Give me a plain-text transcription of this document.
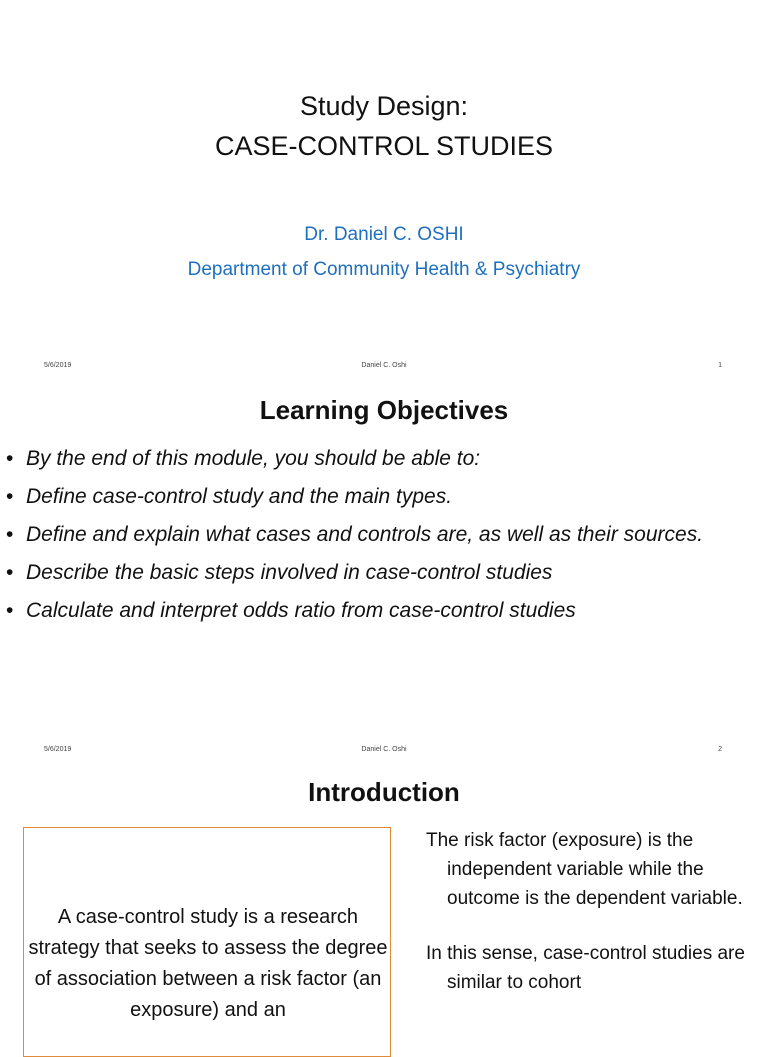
Study Design:
CASE-CONTROL STUDIES
Dr. Daniel C. OSHI
Department of Community Health & Psychiatry
5/6/2019	Daniel C. Oshi	1
Learning Objectives
• By the end of this module, you should be able to:
• Define case-control study and the main types.
• Define and explain what cases and controls are, as well as their sources.
• Describe the basic steps involved in case-control studies
• Calculate and interpret odds ratio from case-control studies
5/6/2019	Daniel C. Oshi	2
Introduction
A case-control study is a research strategy that seeks to assess the degree of association between a risk factor (an exposure) and an

The risk factor (exposure) is the independent variable while the outcome is the dependent variable.

In this sense, case-control studies are similar to cohort
